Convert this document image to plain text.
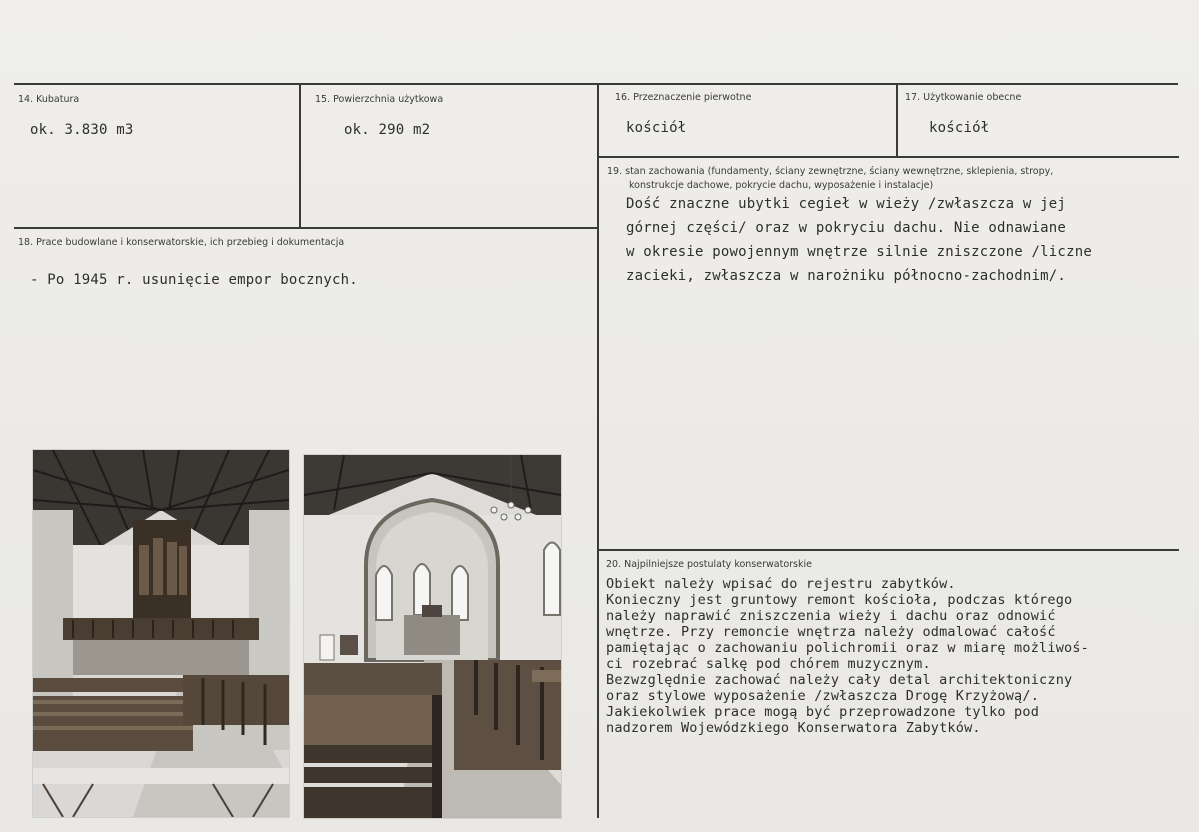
14. Kubatura
ok. 3.830 m3
15. Powierzchnia użytkowa
ok. 290 m2
16. Przeznaczenie pierwotne
kościół
17. Użytkowanie obecne
kościół
18. Prace budowlane i konserwatorskie, ich przebieg i dokumentacja
- Po 1945 r. usunięcie empor bocznych.
19. stan zachowania (fundamenty, ściany zewnętrzne, ściany wewnętrzne, sklepienia, stropy,
konstrukcje dachowe, pokrycie dachu, wyposażenie i instalacje)
Dość znaczne ubytki cegieł w wieży /zwłaszcza w jej
górnej części/ oraz w pokryciu dachu. Nie odnawiane
w okresie powojennym wnętrze silnie zniszczone /liczne
zacieki, zwłaszcza w narożniku północno-zachodnim/.
20. Najpilniejsze postulaty konserwatorskie
Obiekt należy wpisać do rejestru zabytków.
Konieczny jest gruntowy remont kościoła, podczas którego
należy naprawić zniszczenia wieży i dachu oraz odnowić
wnętrze. Przy remoncie wnętrza należy odmalować całość
pamiętając o zachowaniu polichromii oraz w miarę możliwoś-
ci rozebrać salkę pod chórem muzycznym.
Bezwzględnie zachować należy cały detal architektoniczny
oraz stylowe wyposażenie /zwłaszcza Drogę Krzyżową/.
Jakiekolwiek prace mogą być przeprowadzone tylko pod
nadzorem Wojewódzkiego Konserwatora Zabytków.
